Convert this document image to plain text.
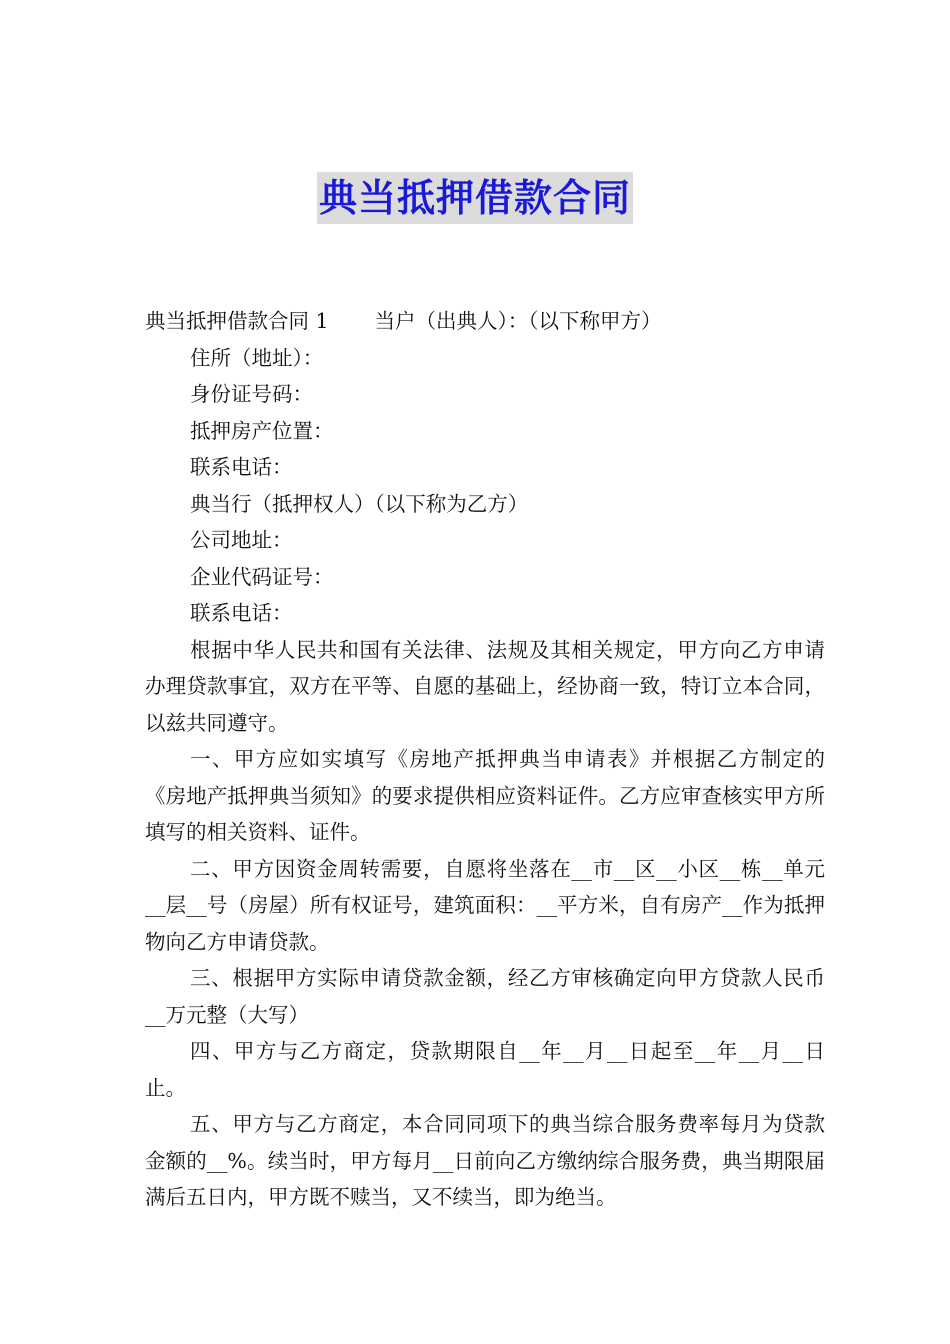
典当抵押借款合同

典当抵押借款合同 1 当户（出典人）：（以下称甲方）

住所（地址）：

身份证号码：

抵押房产位置：

联系电话：

典当行（抵押权人）（以下称为乙方）

公司地址：

企业代码证号：

联系电话：

根据中华人民共和国有关法律、法规及其相关规定，甲方向乙方申请办理贷款事宜，双方在平等、自愿的基础上，经协商一致，特订立本合同，以兹共同遵守。

一、甲方应如实填写《房地产抵押典当申请表》并根据乙方制定的《房地产抵押典当须知》的要求提供相应资料证件。乙方应审查核实甲方所填写的相关资料、证件。

二、甲方因资金周转需要，自愿将坐落在__市__区__小区__栋__单元__层__号（房屋）所有权证号，建筑面积：__平方米，自有房产__作为抵押物向乙方申请贷款。

三、根据甲方实际申请贷款金额，经乙方审核确定向甲方贷款人民币__万元整（大写）

四、甲方与乙方商定，贷款期限自__年__月__日起至__年__月__日止。

五、甲方与乙方商定，本合同同项下的典当综合服务费率每月为贷款金额的__%。续当时，甲方每月__日前向乙方缴纳综合服务费，典当期限届满后五日内，甲方既不赎当，又不续当，即为绝当。
